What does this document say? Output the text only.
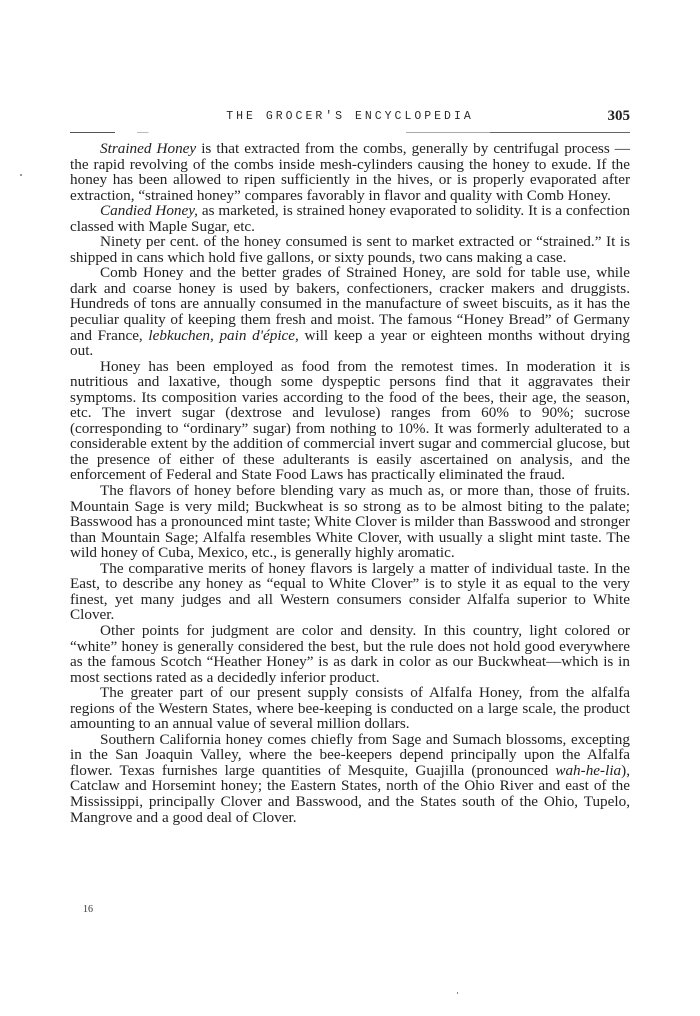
THE GROCER'S ENCYCLOPEDIA	305

Strained Honey is that extracted from the combs, generally by centrifugal process —the rapid revolving of the combs inside mesh-cylinders causing the honey to exude. If the honey has been allowed to ripen sufficiently in the hives, or is properly evaporated after extraction, “strained honey” compares favorably in flavor and quality with Comb Honey.

Candied Honey, as marketed, is strained honey evaporated to solidity. It is a confection classed with Maple Sugar, etc.

Ninety per cent. of the honey consumed is sent to market extracted or “strained.” It is shipped in cans which hold five gallons, or sixty pounds, two cans making a case.

Comb Honey and the better grades of Strained Honey, are sold for table use, while dark and coarse honey is used by bakers, confectioners, cracker makers and druggists. Hundreds of tons are annually consumed in the manufacture of sweet biscuits, as it has the peculiar quality of keeping them fresh and moist. The famous “Honey Bread” of Germany and France, lebkuchen, pain d'épice, will keep a year or eighteen months without drying out.

Honey has been employed as food from the remotest times. In moderation it is nutritious and laxative, though some dyspeptic persons find that it aggravates their symptoms. Its composition varies according to the food of the bees, their age, the season, etc. The invert sugar (dextrose and levulose) ranges from 60% to 90%; sucrose (corresponding to “ordinary” sugar) from nothing to 10%. It was formerly adulterated to a considerable extent by the addition of commercial invert sugar and commercial glucose, but the presence of either of these adulterants is easily ascertained on analysis, and the enforcement of Federal and State Food Laws has practically eliminated the fraud.

The flavors of honey before blending vary as much as, or more than, those of fruits. Mountain Sage is very mild; Buckwheat is so strong as to be almost biting to the palate; Basswood has a pronounced mint taste; White Clover is milder than Basswood and stronger than Mountain Sage; Alfalfa resembles White Clover, with usually a slight mint taste. The wild honey of Cuba, Mexico, etc., is generally highly aromatic.

The comparative merits of honey flavors is largely a matter of individual taste. In the East, to describe any honey as “equal to White Clover” is to style it as equal to the very finest, yet many judges and all Western consumers consider Alfalfa superior to White Clover.

Other points for judgment are color and density. In this country, light colored or “white” honey is generally considered the best, but the rule does not hold good everywhere as the famous Scotch “Heather Honey” is as dark in color as our Buckwheat—which is in most sections rated as a decidedly inferior product.

The greater part of our present supply consists of Alfalfa Honey, from the alfalfa regions of the Western States, where bee-keeping is conducted on a large scale, the product amounting to an annual value of several million dollars.

Southern California honey comes chiefly from Sage and Sumach blossoms, excepting in the San Joaquin Valley, where the bee-keepers depend principally upon the Alfalfa flower. Texas furnishes large quantities of Mesquite, Guajilla (pronounced wah-he-lia), Catclaw and Horsemint honey; the Eastern States, north of the Ohio River and east of the Mississippi, principally Clover and Basswood, and the States south of the Ohio, Tupelo, Mangrove and a good deal of Clover.

16
